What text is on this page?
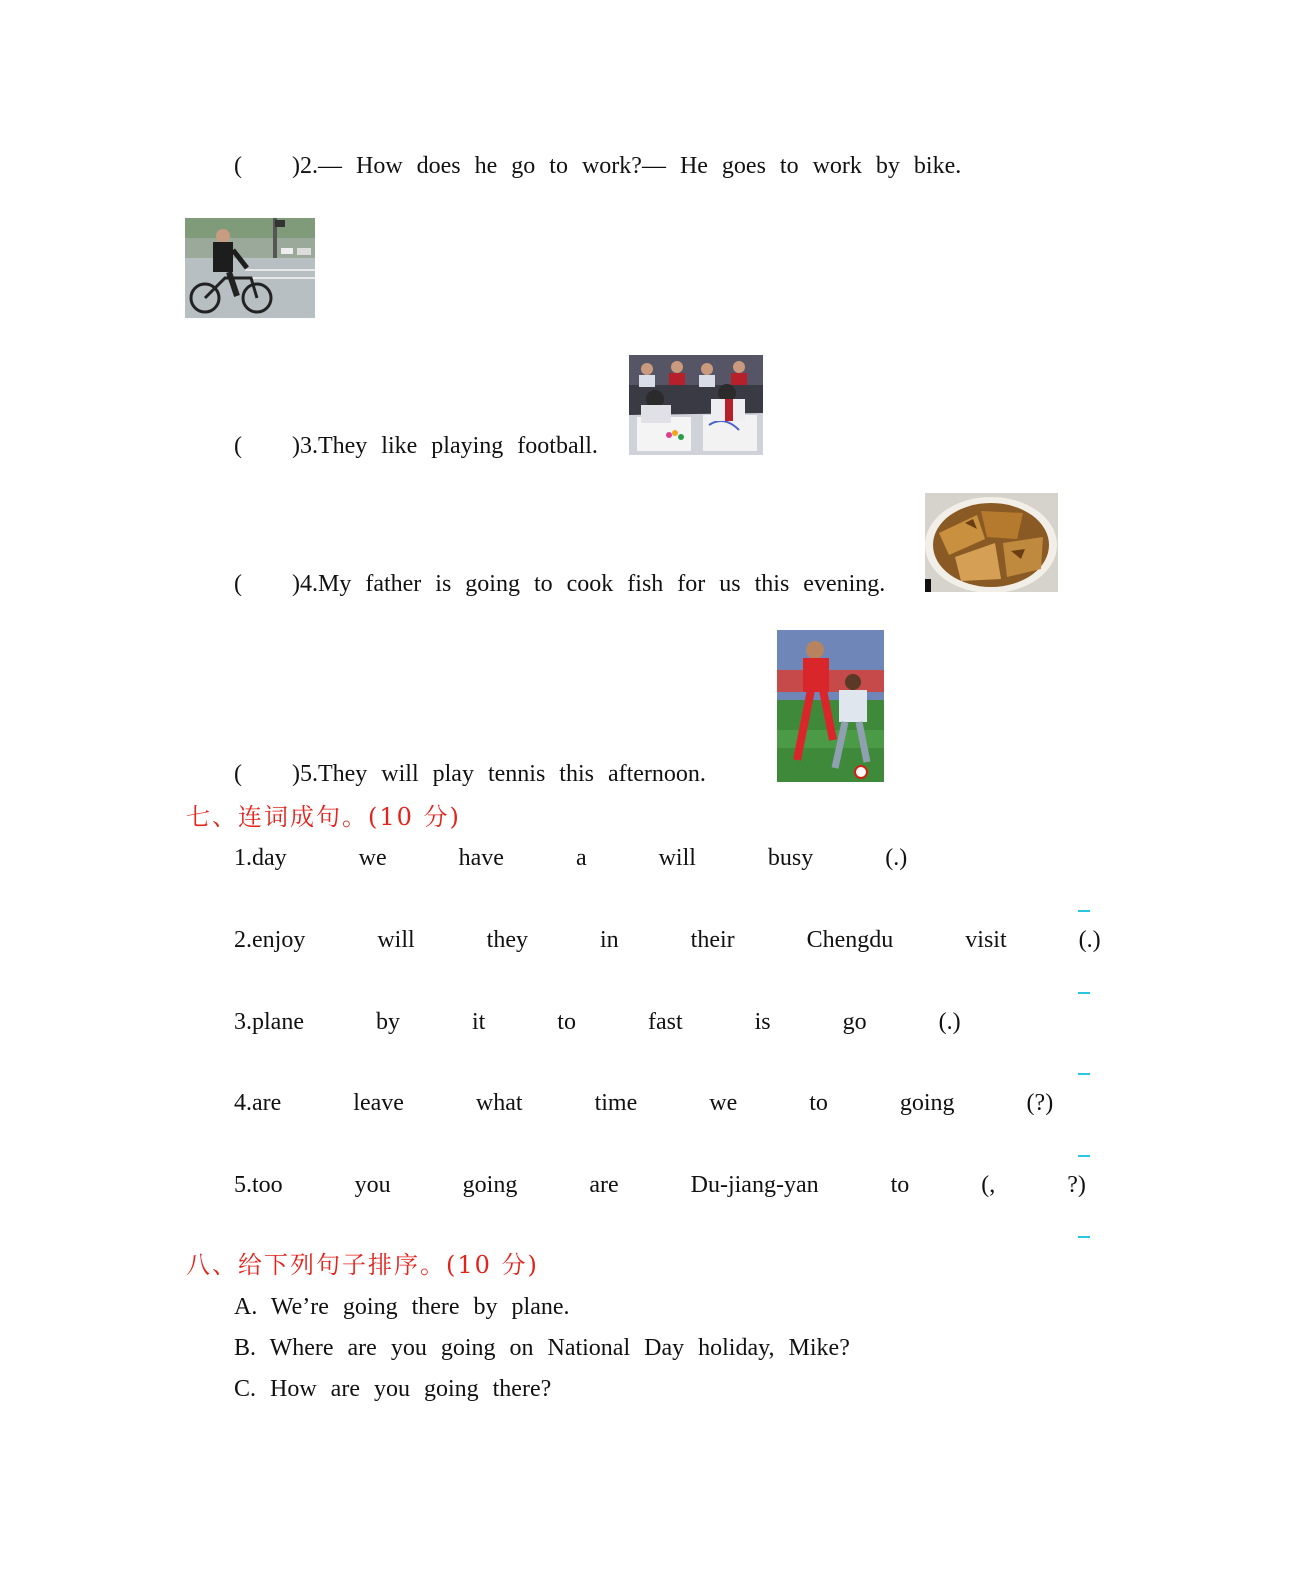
( )2.— How does he go to work?— He goes to work by bike.
( )3.They like playing football.
( )4.My father is going to cook fish for us this evening.
( )5.They will play tennis this afternoon.
七、连词成句。(10 分)
1.day   we   have   a   will   busy   (.)
2.enjoy   will   they   in   their   Chengdu   visit   (.)
3.plane   by   it   to   fast   is   go   (.)
4.are   leave   what   time   we   to   going   (?)
5.too   you   going   are   Du-jiang-yan   to   (,   ?)
八、给下列句子排序。(10 分)
A. We’re going there by plane.
B. Where are you going on National Day holiday, Mike?
C. How are you going there?
